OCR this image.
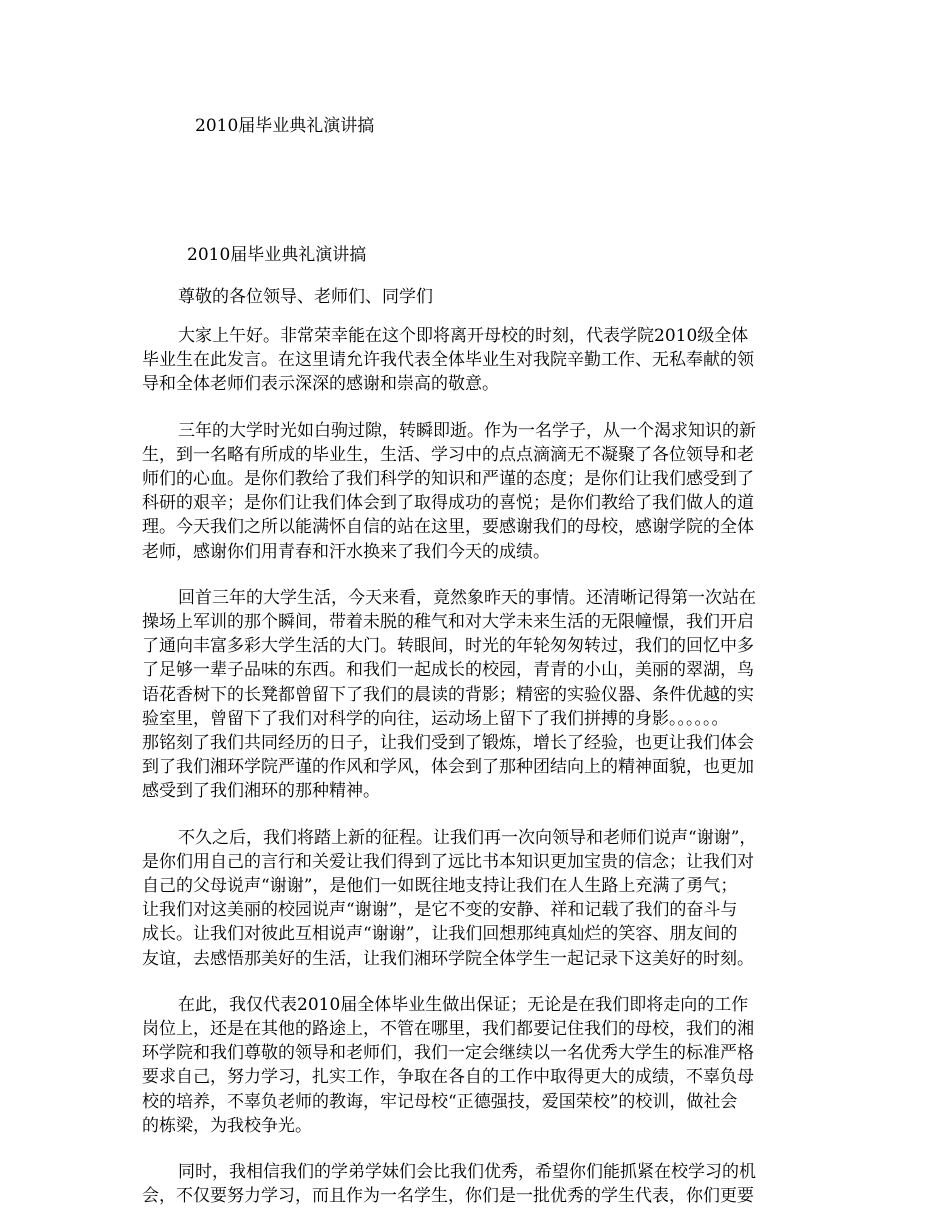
2010届毕业典礼演讲搞
2010届毕业典礼演讲搞

尊敬的各位领导、老师们、同学们

大家上午好。非常荣幸能在这个即将离开母校的时刻，代表学院2010级全体
毕业生在此发言。在这里请允许我代表全体毕业生对我院辛勤工作、无私奉献的领
导和全体老师们表示深深的感谢和崇高的敬意。
三年的大学时光如白驹过隙，转瞬即逝。作为一名学子，从一个渴求知识的新
生，到一名略有所成的毕业生，生活、学习中的点点滴滴无不凝聚了各位领导和老
师们的心血。是你们教给了我们科学的知识和严谨的态度；是你们让我们感受到了
科研的艰辛；是你们让我们体会到了取得成功的喜悦；是你们教给了我们做人的道
理。今天我们之所以能满怀自信的站在这里，要感谢我们的母校，感谢学院的全体
老师，感谢你们用青春和汗水换来了我们今天的成绩。
回首三年的大学生活，今天来看，竟然象昨天的事情。还清晰记得第一次站在
操场上军训的那个瞬间，带着未脱的稚气和对大学未来生活的无限幢憬，我们开启
了通向丰富多彩大学生活的大门。转眼间，时光的年轮匆匆转过，我们的回忆中多
了足够一辈子品味的东西。和我们一起成长的校园，青青的小山，美丽的翠湖，鸟
语花香树下的长凳都曾留下了我们的晨读的背影；精密的实验仪器、条件优越的实
验室里，曾留下了我们对科学的向往，运动场上留下了我们拼搏的身影。。。。。。
那铭刻了我们共同经历的日子，让我们受到了锻炼，增长了经验，也更让我们体会
到了我们湘环学院严谨的作风和学风，体会到了那种团结向上的精神面貌，也更加
感受到了我们湘环的那种精神。
不久之后，我们将踏上新的征程。让我们再一次向领导和老师们说声“谢谢”，
是你们用自己的言行和关爱让我们得到了远比书本知识更加宝贵的信念；让我们对
自己的父母说声“谢谢”，是他们一如既往地支持让我们在人生路上充满了勇气；
让我们对这美丽的校园说声“谢谢”，是它不变的安静、祥和记载了我们的奋斗与
成长。让我们对彼此互相说声“谢谢”，让我们回想那纯真灿烂的笑容、朋友间的
友谊，去感悟那美好的生活，让我们湘环学院全体学生一起记录下这美好的时刻。
在此，我仅代表2010届全体毕业生做出保证；无论是在我们即将走向的工作
岗位上，还是在其他的路途上，不管在哪里，我们都要记住我们的母校，我们的湘
环学院和我们尊敬的领导和老师们，我们一定会继续以一名优秀大学生的标准严格
要求自己，努力学习，扎实工作，争取在各自的工作中取得更大的成绩，不辜负母
校的培养，不辜负老师的教诲，牢记母校“正德强技，爱国荣校”的校训，做社会
的栋梁，为我校争光。
同时，我相信我们的学弟学妹们会比我们优秀，希望你们能抓紧在校学习的机
会，不仅要努力学习，而且作为一名学生，你们是一批优秀的学生代表，你们更要
